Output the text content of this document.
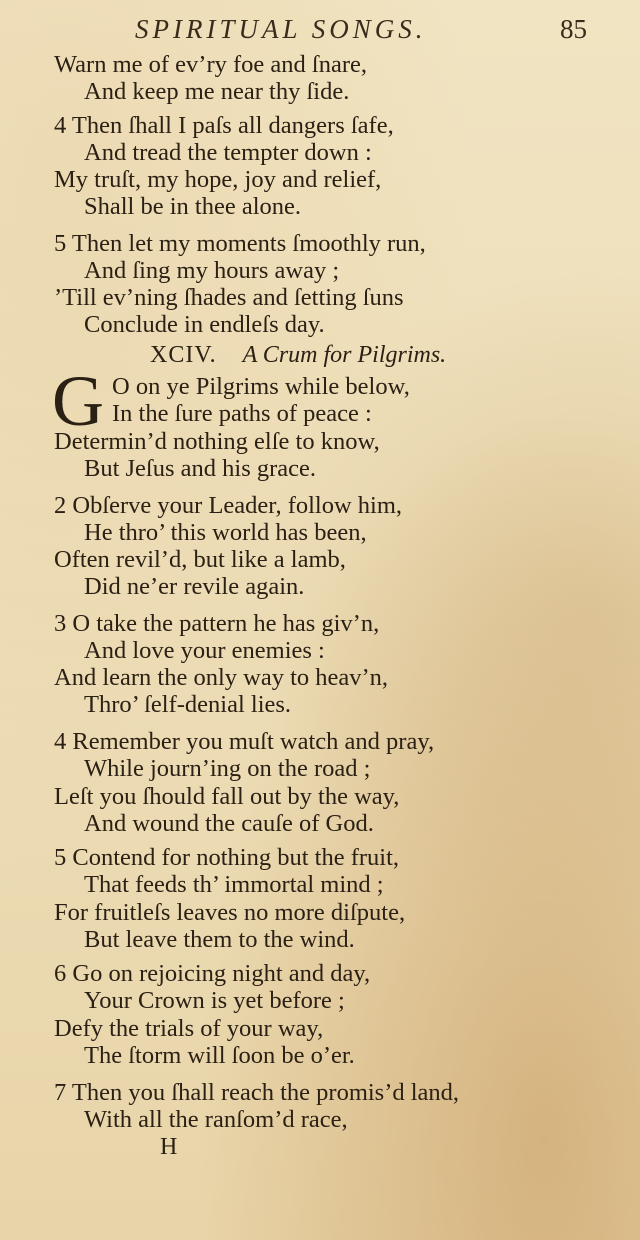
SPIRITUAL SONGS.	85
Warn me of ev’ry foe and ſnare,
And keep me near thy ſide.
4 Then ſhall I paſs all dangers ſafe,
And tread the tempter down :
My truſt, my hope, joy and relief,
Shall be in thee alone.
5 Then let my moments ſmoothly run,
And ſing my hours away ;
’Till ev’ning ſhades and ſetting ſuns
Conclude in endleſs day.
XCIV. A Crum for Pilgrims.
G O on ye Pilgrims while below,
In the ſure paths of peace :
Determin’d nothing elſe to know,
But Jeſus and his grace.
2 Obſerve your Leader, follow him,
He thro’ this world has been,
Often revil’d, but like a lamb,
Did ne’er revile again.
3 O take the pattern he has giv’n,
And love your enemies :
And learn the only way to heav’n,
Thro’ ſelf-denial lies.
4 Remember you muſt watch and pray,
While journ’ing on the road ;
Leſt you ſhould fall out by the way,
And wound the cauſe of God.
5 Contend for nothing but the fruit,
That feeds th’ immortal mind ;
For fruitleſs leaves no more diſpute,
But leave them to the wind.
6 Go on rejoicing night and day,
Your Crown is yet before ;
Defy the trials of your way,
The ſtorm will ſoon be o’er.
7 Then you ſhall reach the promis’d land,
With all the ranſom’d race,
H
